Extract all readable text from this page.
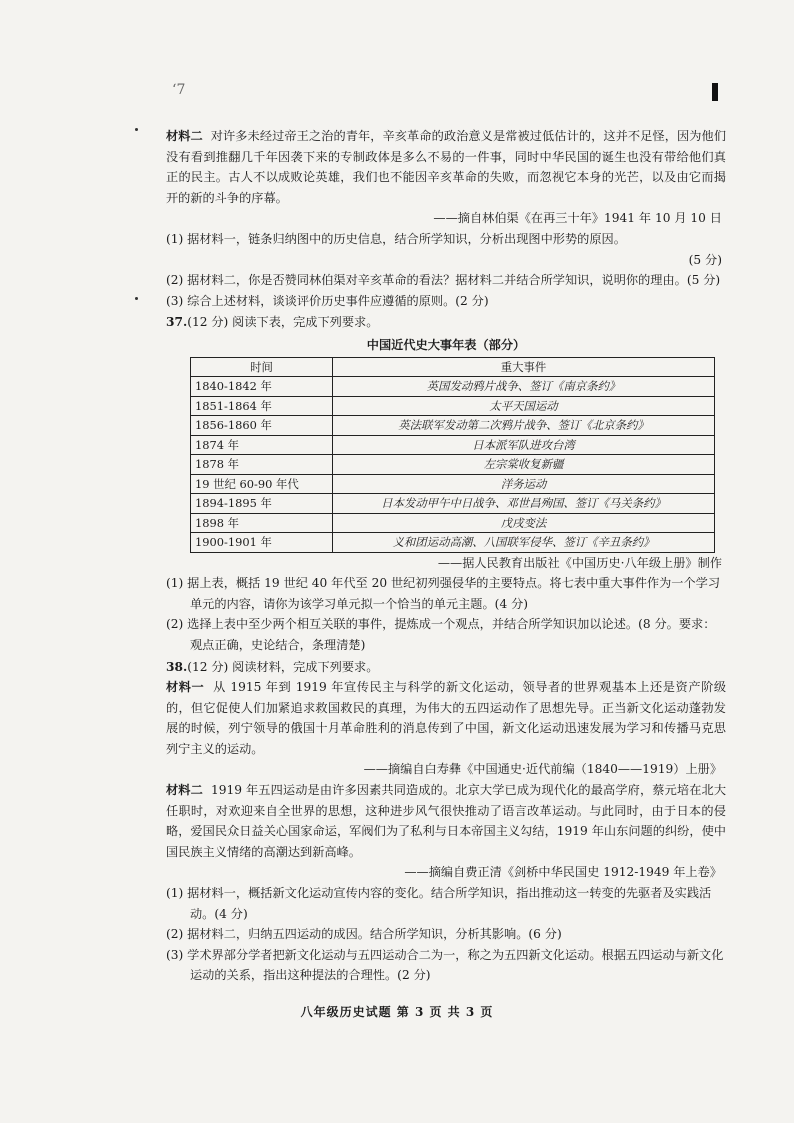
ʻ7

材料二 对许多未经过帝王之治的青年，辛亥革命的政治意义是常被过低估计的，这并不足怪，因为他们没有看到推翻几千年因袭下来的专制政体是多么不易的一件事，同时中华民国的诞生也没有带给他们真正的民主。古人不以成败论英雄，我们也不能因辛亥革命的失败，而忽视它本身的光芒，以及由它而揭开的新的斗争的序幕。

——摘自林伯渠《在再三十年》1941 年 10 月 10 日

(1) 据材料一，链条归纳图中的历史信息，结合所学知识，分析出现图中形势的原因。
(5 分)

(2) 据材料二，你是否赞同林伯渠对辛亥革命的看法？据材料二并结合所学知识，说明你的理由。(5 分)

(3) 综合上述材料，谈谈评价历史事件应遵循的原则。(2 分)

37.(12 分) 阅读下表，完成下列要求。

中国近代史大事年表（部分）
时间	重大事件
1840-1842 年	英国发动鸦片战争、签订《南京条约》
1851-1864 年	太平天国运动
1856-1860 年	英法联军发动第二次鸦片战争、签订《北京条约》
1874 年	日本派军队进攻台湾
1878 年	左宗棠收复新疆
19 世纪 60-90 年代	洋务运动
1894-1895 年	日本发动甲午中日战争、邓世昌殉国、签订《马关条约》
1898 年	戊戌变法
1900-1901 年	义和团运动高潮、八国联军侵华、签订《辛丑条约》

——据人民教育出版社《中国历史·八年级上册》制作

(1) 据上表，概括 19 世纪 40 年代至 20 世纪初列强侵华的主要特点。将七表中重大事件作为一个学习单元的内容，请你为该学习单元拟一个恰当的单元主题。(4 分)

(2) 选择上表中至少两个相互关联的事件，提炼成一个观点，并结合所学知识加以论述。(8 分。要求：观点正确，史论结合，条理清楚)

38.(12 分) 阅读材料，完成下列要求。

材料一 从 1915 年到 1919 年宣传民主与科学的新文化运动，领导者的世界观基本上还是资产阶级的，但它促使人们加紧追求救国救民的真理，为伟大的五四运动作了思想先导。正当新文化运动蓬勃发展的时候，列宁领导的俄国十月革命胜利的消息传到了中国，新文化运动迅速发展为学习和传播马克思列宁主义的运动。

——摘编自白寿彝《中国通史·近代前编（1840——1919）上册》

材料二 1919 年五四运动是由许多因素共同造成的。北京大学已成为现代化的最高学府，蔡元培在北大任职时，对欢迎来自全世界的思想，这种进步风气很快推动了语言改革运动。与此同时，由于日本的侵略，爱国民众日益关心国家命运，军阀们为了私利与日本帝国主义勾结，1919 年山东问题的纠纷，使中国民族主义情绪的高潮达到新高峰。

——摘编自费正清《剑桥中华民国史 1912-1949 年上卷》

(1) 据材料一，概括新文化运动宣传内容的变化。结合所学知识，指出推动这一转变的先驱者及实践活动。(4 分)

(2) 据材料二，归纳五四运动的成因。结合所学知识，分析其影响。(6 分)

(3) 学术界部分学者把新文化运动与五四运动合二为一，称之为五四新文化运动。根据五四运动与新文化运动的关系，指出这种提法的合理性。(2 分)

八年级历史试题 第 3 页 共 3 页
